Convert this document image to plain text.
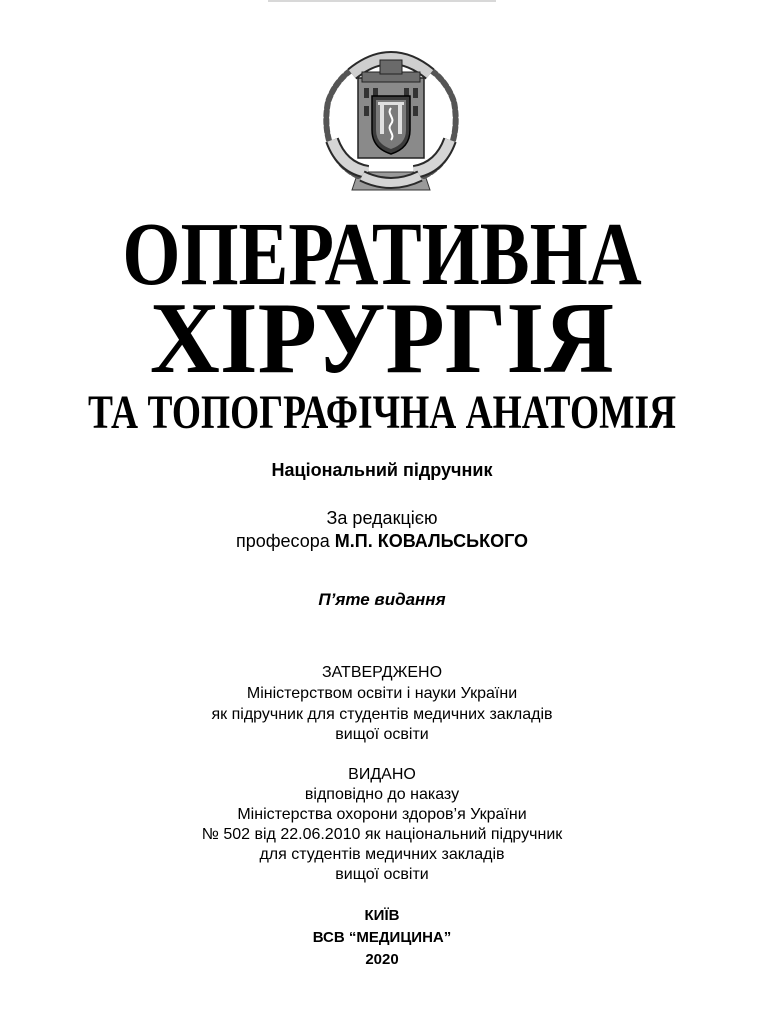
ОПЕРАТИВНА
ХІРУРГІЯ
ТА ТОПОГРАФІЧНА АНАТОМІЯ
Національний підручник
За редакцією
професора М.П. КОВАЛЬСЬКОГО
П’яте видання
ЗАТВЕРДЖЕНО
Міністерством освіти і науки України
як підручник для студентів медичних закладів
вищої освіти
ВИДАНО
відповідно до наказу
Міністерства охорони здоров’я України
№ 502 від 22.06.2010 як національний підручник
для студентів медичних закладів
вищої освіти
КИЇВ
ВСВ “МЕДИЦИНА”
2020
